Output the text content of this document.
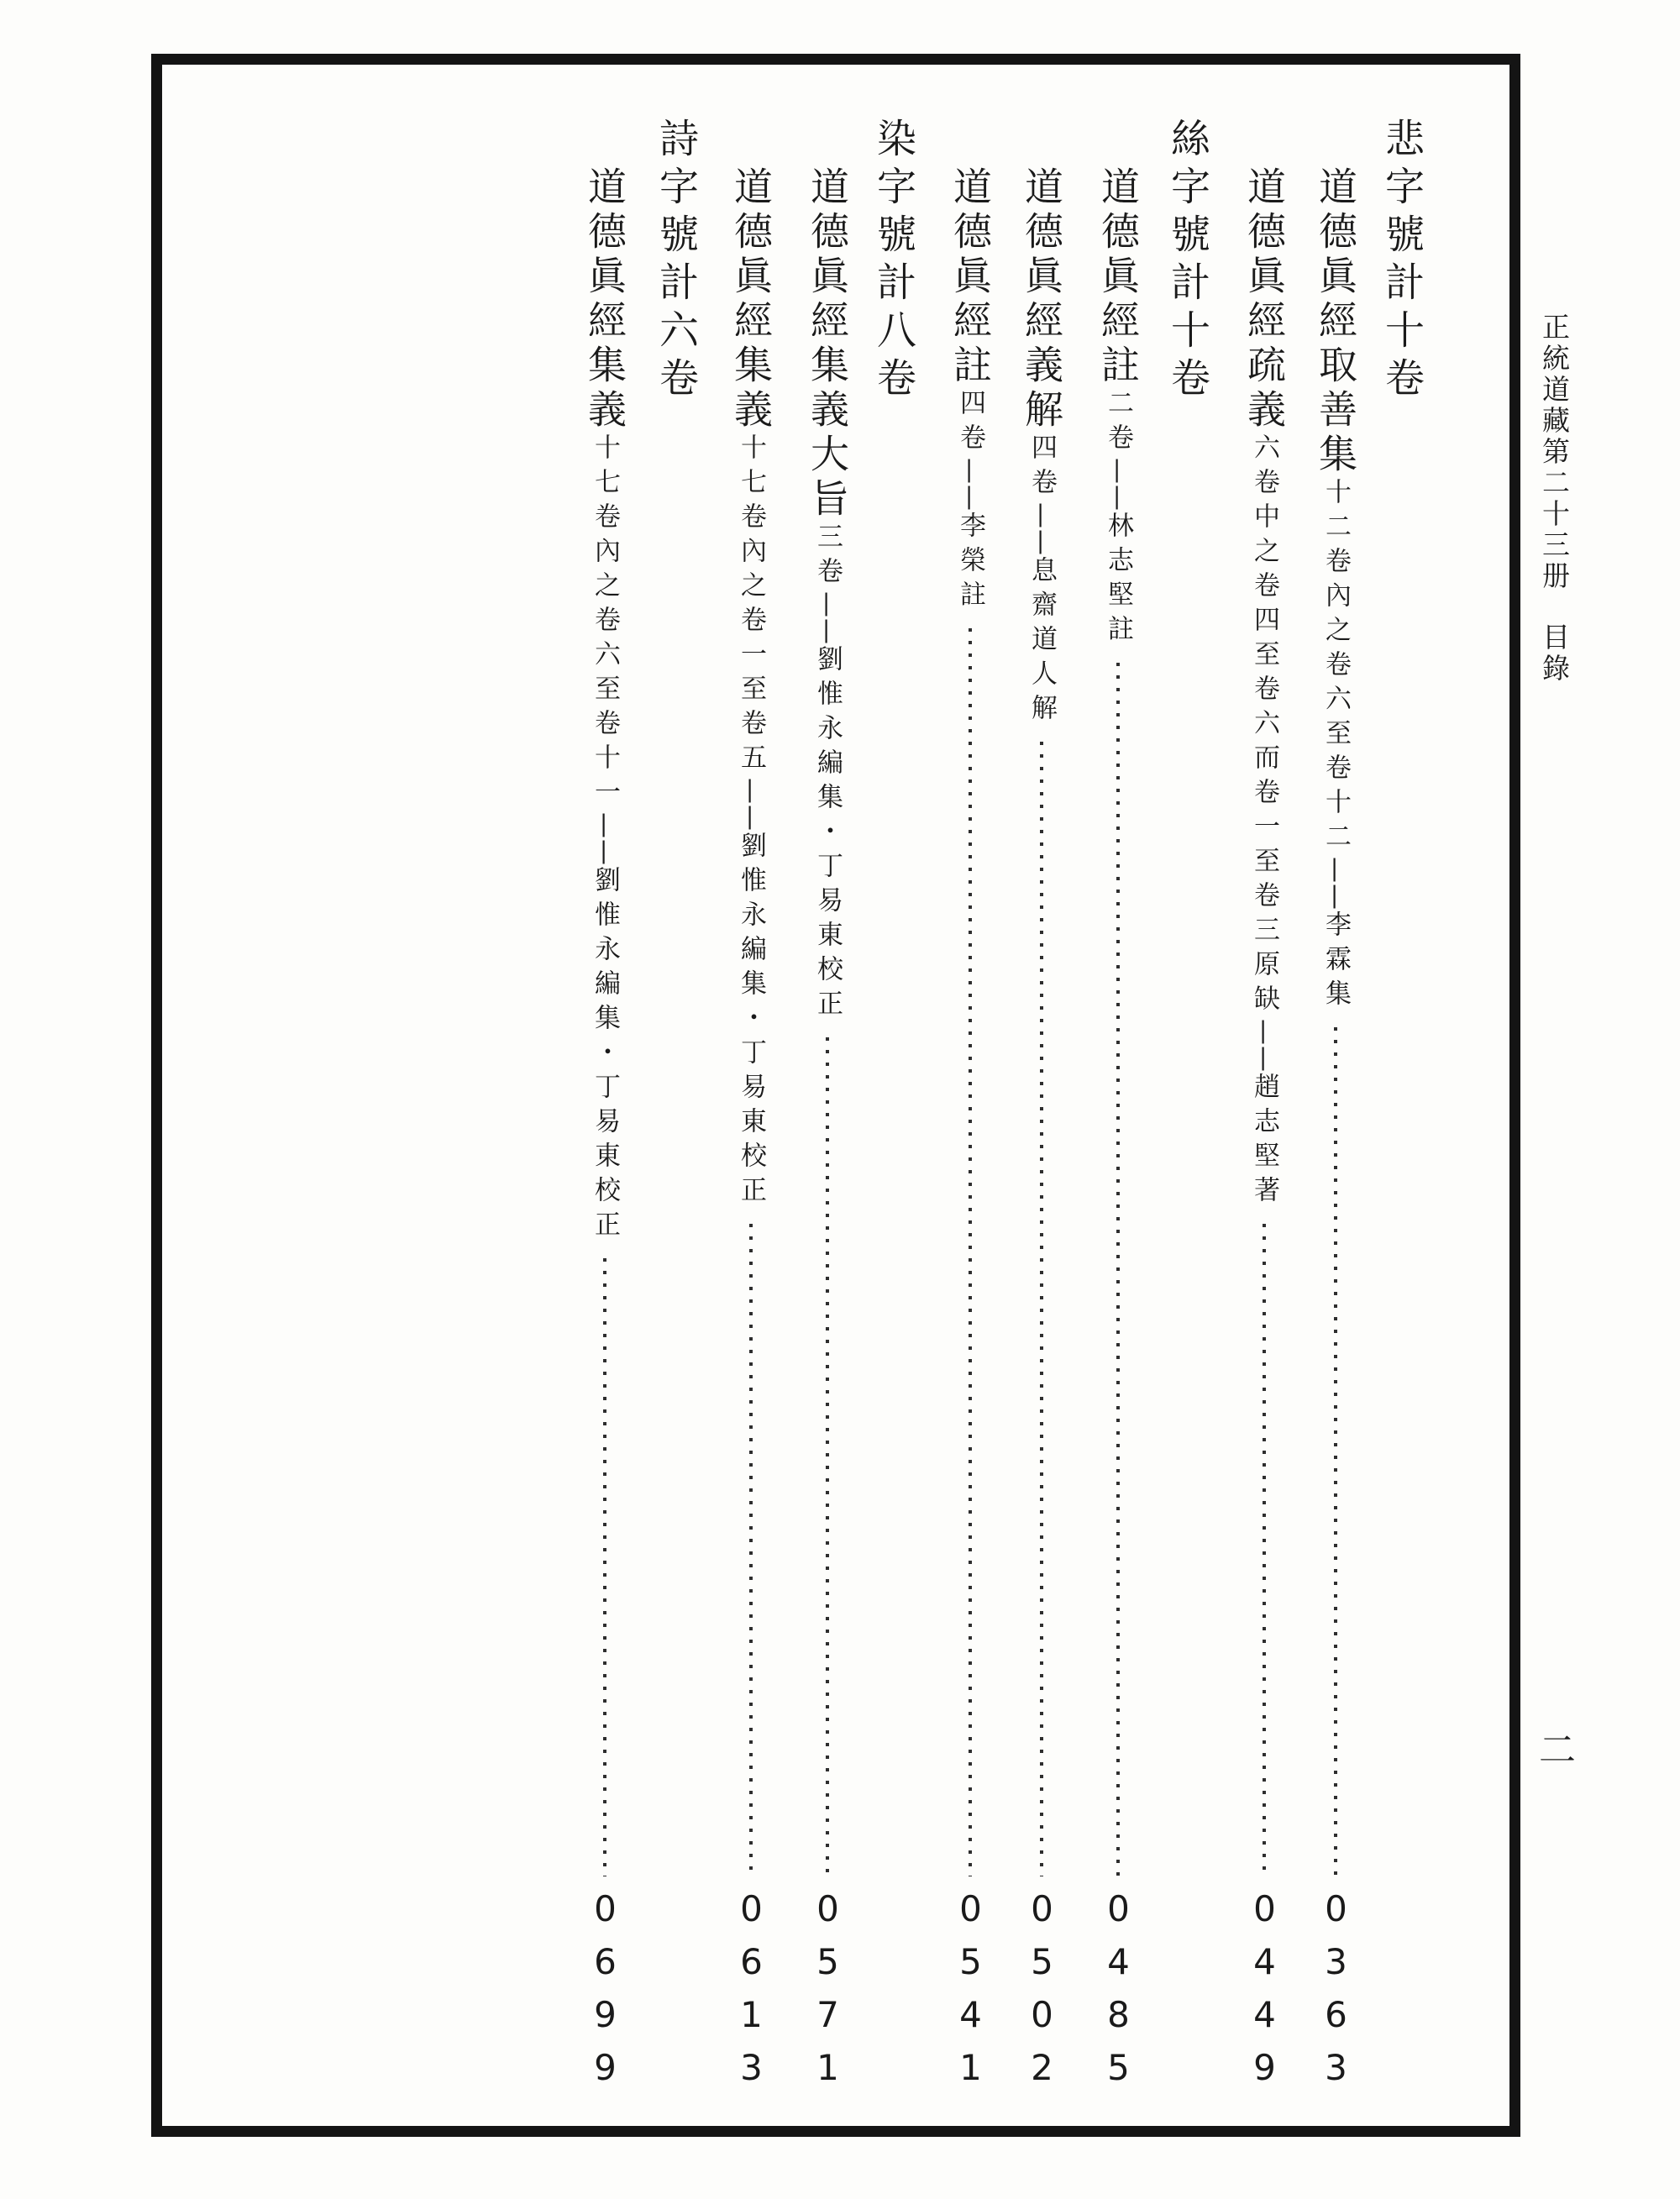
正統道藏第二十三册目錄
二
悲字號計十卷
絲字號計十卷
染字號計八卷
詩字號計六卷	道德眞經取善集十二卷內之卷六至卷十二——李霖集
0363
道德眞經疏義六卷中之卷四至卷六而卷一至卷三原缺——趙志堅著
0449
道德眞經註二卷——林志堅註
0485
道德眞經義解四卷——息齋道人解
0502
道德眞經註四卷——李榮註
0541
道德眞經集義大旨三卷——劉惟永編集・丁易東校正
0571
道德眞經集義十七卷內之卷一至卷五——劉惟永編集・丁易東校正
0613
道德眞經集義十七卷內之卷六至卷十一——劉惟永編集・丁易東校正
0699
